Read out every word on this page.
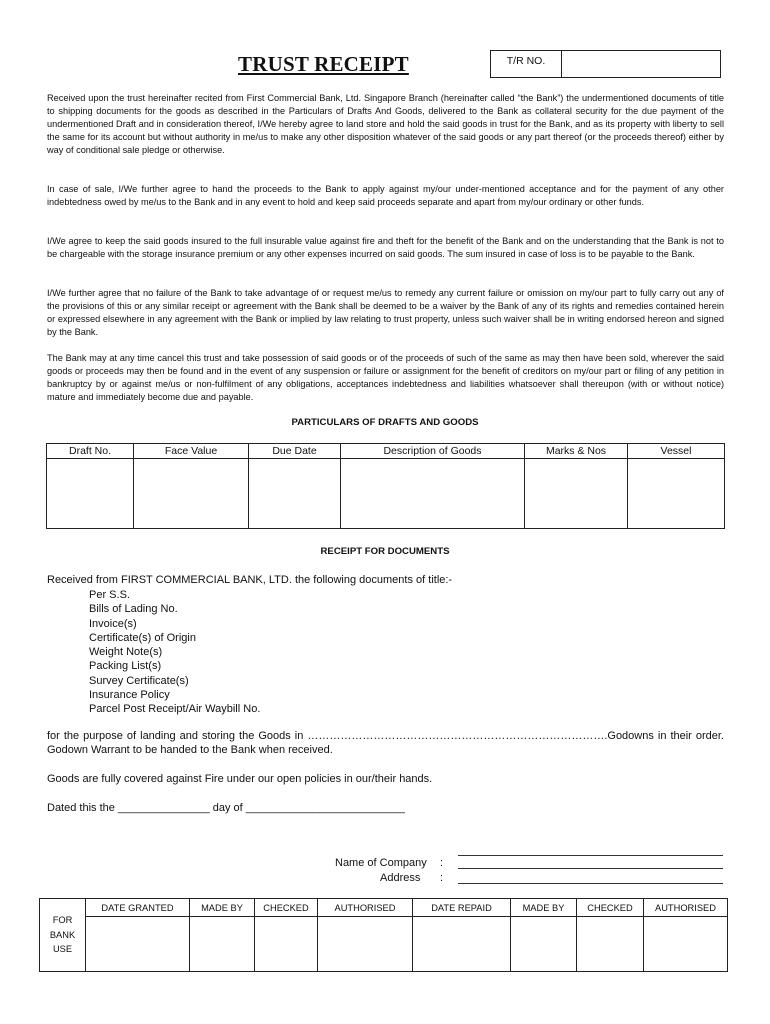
TRUST RECEIPT	T/R NO.

Received upon the trust hereinafter recited from First Commercial Bank, Ltd. Singapore Branch (hereinafter called “the Bank”) the undermentioned documents of title to shipping documents for the goods as described in the Particulars of Drafts And Goods, delivered to the Bank as collateral security for the due payment of the undermentioned Draft and in consideration thereof, I/We hereby agree to land store and hold the said goods in trust for the Bank, and as its property with liberty to sell the same for its account but without authority in me/us to make any other disposition whatever of the said goods or any part thereof (or the proceeds thereof) either by way of conditional sale pledge or otherwise.

In case of sale, I/We further agree to hand the proceeds to the Bank to apply against my/our under-mentioned acceptance and for the payment of any other indebtedness owed by me/us to the Bank and in any event to hold and keep said proceeds separate and apart from my/our ordinary or other funds.

I/We agree to keep the said goods insured to the full insurable value against fire and theft for the benefit of the Bank and on the understanding that the Bank is not to be chargeable with the storage insurance premium or any other expenses incurred on said goods. The sum insured in case of loss is to be payable to the Bank.

I/We further agree that no failure of the Bank to take advantage of or request me/us to remedy any current failure or omission on my/our part to fully carry out any of the provisions of this or any similar receipt or agreement with the Bank shall be deemed to be a waiver by the Bank of any of its rights and remedies contained herein or expressed elsewhere in any agreement with the Bank or implied by law relating to trust property, unless such waiver shall be in writing endorsed hereon and signed by the Bank.

The Bank may at any time cancel this trust and take possession of said goods or of the proceeds of such of the same as may then have been sold, wherever the said goods or proceeds may then be found and in the event of any suspension or failure or assignment for the benefit of creditors on my/our part or filing of any petition in bankruptcy by or against me/us or non-fulfilment of any obligations, acceptances indebtedness and liabilities whatsoever shall thereupon (with or without notice) mature and immediately become due and payable.

PARTICULARS OF DRAFTS AND GOODS
Draft No.	Face Value	Due Date	Description of Goods	Marks & Nos	Vessel

RECEIPT FOR DOCUMENTS
Received from FIRST COMMERCIAL BANK, LTD. the following documents of title:-
Per S.S.
Bills of Lading No.
Invoice(s)
Certificate(s) of Origin
Weight Note(s)
Packing List(s)
Survey Certificate(s)
Insurance Policy
Parcel Post Receipt/Air Waybill No.
for the purpose of landing and storing the Goods in ……………………………………………………………………….Godowns in their order.
Godown Warrant to be handed to the Bank when received.
Goods are fully covered against Fire under our open policies in our/their hands.
Dated this the _______________ day of __________________________
Name of Company :
Address :
FOR
BANK
USE	DATE GRANTED	MADE BY	CHECKED	AUTHORISED	DATE REPAID	MADE BY	CHECKED	AUTHORISED
